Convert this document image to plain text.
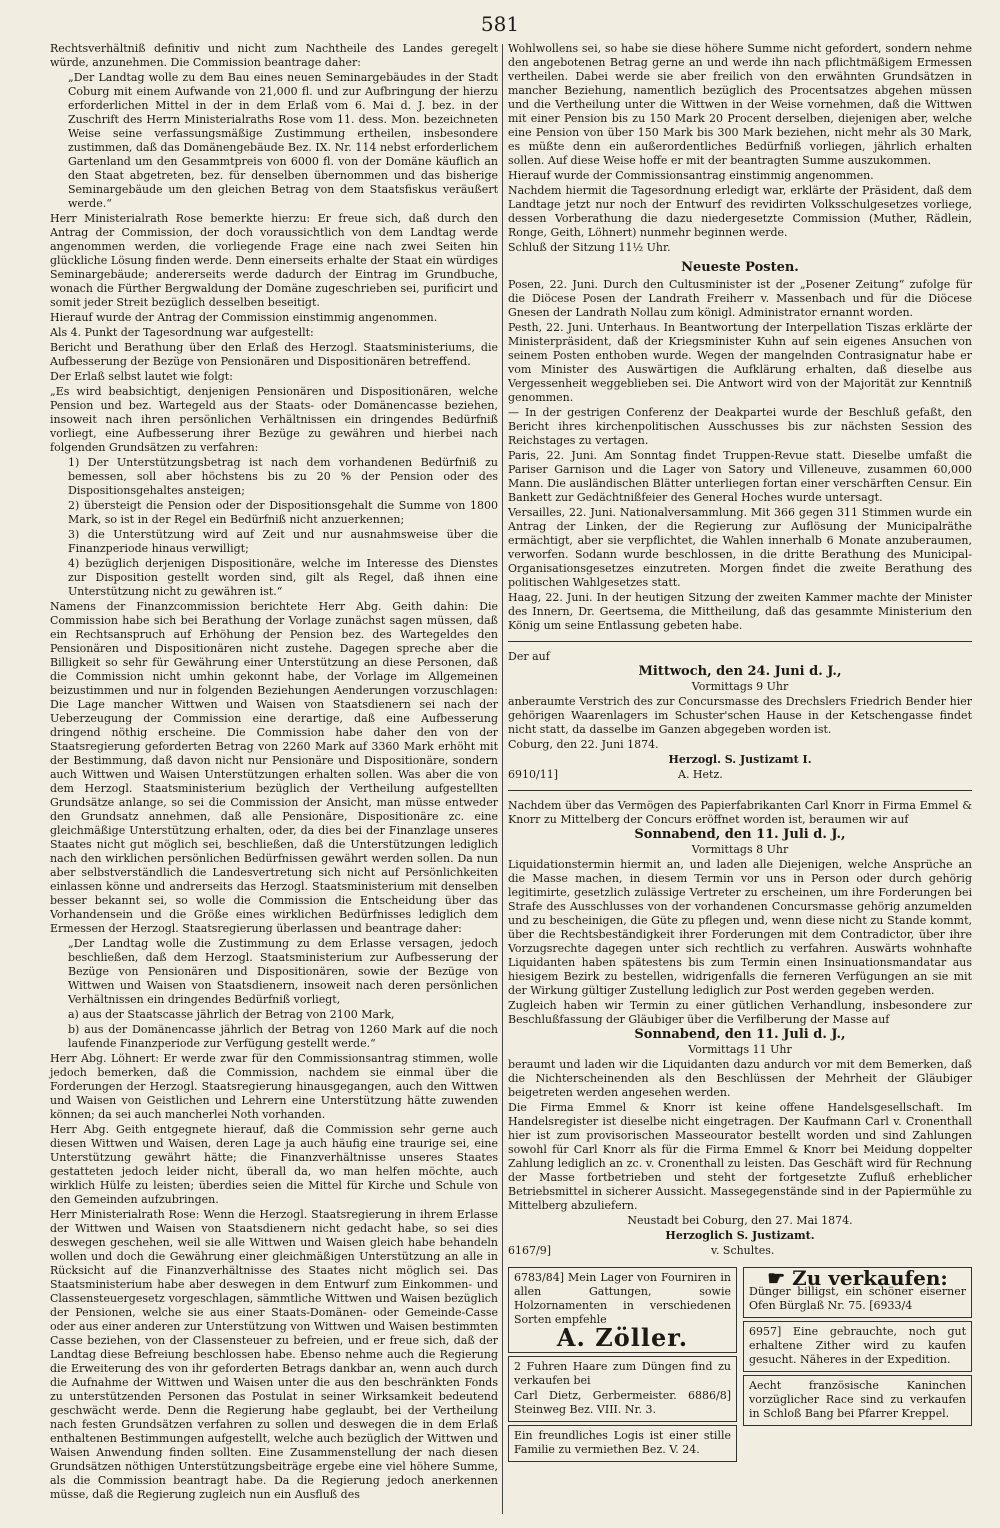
581

Rechtsverhältniß definitiv und nicht zum Nachtheile des Landes geregelt würde, anzunehmen. Die Commission beantrage daher:

„Der Landtag wolle zu dem Bau eines neuen Seminargebäudes in der Stadt Coburg mit einem Aufwande von 21,000 fl. und zur Aufbringung der hierzu erforderlichen Mittel in der in dem Erlaß vom 6. Mai d. J. bez. in der Zuschrift des Herrn Ministerialraths Rose vom 11. dess. Mon. bezeichneten Weise seine verfassungsmäßige Zustimmung ertheilen, insbesondere zustimmen, daß das Domänengebäude Bez. IX. Nr. 114 nebst erforderlichem Gartenland um den Gesammtpreis von 6000 fl. von der Domäne käuflich an den Staat abgetreten, bez. für denselben übernommen und das bisherige Seminargebäude um den gleichen Betrag von dem Staatsfiskus veräußert werde.“

Herr Ministerialrath Rose bemerkte hierzu: Er freue sich, daß durch den Antrag der Commission, der doch voraussichtlich von dem Landtag werde angenommen werden, die vorliegende Frage eine nach zwei Seiten hin glückliche Lösung finden werde. Denn einerseits erhalte der Staat ein würdiges Seminargebäude; andererseits werde dadurch der Eintrag im Grundbuche, wonach die Fürther Bergwaldung der Domäne zugeschrieben sei, purificirt und somit jeder Streit bezüglich desselben beseitigt.

Hierauf wurde der Antrag der Commission einstimmig angenommen.

Als 4. Punkt der Tagesordnung war aufgestellt:

Bericht und Berathung über den Erlaß des Herzogl. Staatsministeriums, die Aufbesserung der Bezüge von Pensionären und Dispositionären betreffend.

Der Erlaß selbst lautet wie folgt:

„Es wird beabsichtigt, denjenigen Pensionären und Dispositionären, welche Pension und bez. Wartegeld aus der Staats- oder Domänencasse beziehen, insoweit nach ihren persönlichen Verhältnissen ein dringendes Bedürfniß vorliegt, eine Aufbesserung ihrer Bezüge zu gewähren und hierbei nach folgenden Grundsätzen zu verfahren:

1) Der Unterstützungsbetrag ist nach dem vorhandenen Bedürfniß zu bemessen, soll aber höchstens bis zu 20 % der Pension oder des Dispositionsgehaltes ansteigen;

2) übersteigt die Pension oder der Dispositionsgehalt die Summe von 1800 Mark, so ist in der Regel ein Bedürfniß nicht anzuerkennen;

3) die Unterstützung wird auf Zeit und nur ausnahmsweise über die Finanzperiode hinaus verwilligt;

4) bezüglich derjenigen Dispositionäre, welche im Interesse des Dienstes zur Disposition gestellt worden sind, gilt als Regel, daß ihnen eine Unterstützung nicht zu gewähren ist.“

Namens der Finanzcommission berichtete Herr Abg. Geith dahin: Die Commission habe sich bei Berathung der Vorlage zunächst sagen müssen, daß ein Rechtsanspruch auf Erhöhung der Pension bez. des Wartegeldes den Pensionären und Dispositionären nicht zustehe. Dagegen spreche aber die Billigkeit so sehr für Gewährung einer Unterstützung an diese Personen, daß die Commission nicht umhin gekonnt habe, der Vorlage im Allgemeinen beizustimmen und nur in folgenden Beziehungen Aenderungen vorzuschlagen: Die Lage mancher Wittwen und Waisen von Staatsdienern sei nach der Ueberzeugung der Commission eine derartige, daß eine Aufbesserung dringend nöthig erscheine. Die Commission habe daher den von der Staatsregierung geforderten Betrag von 2260 Mark auf 3360 Mark erhöht mit der Bestimmung, daß davon nicht nur Pensionäre und Dispositionäre, sondern auch Wittwen und Waisen Unterstützungen erhalten sollen. Was aber die von dem Herzogl. Staatsministerium bezüglich der Vertheilung aufgestellten Grundsätze anlange, so sei die Commission der Ansicht, man müsse entweder den Grundsatz annehmen, daß alle Pensionäre, Dispositionäre zc. eine gleichmäßige Unterstützung erhalten, oder, da dies bei der Finanzlage unseres Staates nicht gut möglich sei, beschließen, daß die Unterstützungen lediglich nach den wirklichen persönlichen Bedürfnissen gewährt werden sollen. Da nun aber selbstverständlich die Landesvertretung sich nicht auf Persönlichkeiten einlassen könne und andrerseits das Herzogl. Staatsministerium mit denselben besser bekannt sei, so wolle die Commission die Entscheidung über das Vorhandensein und die Größe eines wirklichen Bedürfnisses lediglich dem Ermessen der Herzogl. Staatsregierung überlassen und beantrage daher:

„Der Landtag wolle die Zustimmung zu dem Erlasse versagen, jedoch beschließen, daß dem Herzogl. Staatsministerium zur Aufbesserung der Bezüge von Pensionären und Dispositionären, sowie der Bezüge von Wittwen und Waisen von Staatsdienern, insoweit nach deren persönlichen Verhältnissen ein dringendes Bedürfniß vorliegt,

a) aus der Staatscasse jährlich der Betrag von 2100 Mark,

b) aus der Domänencasse jährlich der Betrag von 1260 Mark auf die noch laufende Finanzperiode zur Verfügung gestellt werde.“

Herr Abg. Löhnert: Er werde zwar für den Commissionsantrag stimmen, wolle jedoch bemerken, daß die Commission, nachdem sie einmal über die Forderungen der Herzogl. Staatsregierung hinausgegangen, auch den Wittwen und Waisen von Geistlichen und Lehrern eine Unterstützung hätte zuwenden können; da sei auch mancherlei Noth vorhanden.

Herr Abg. Geith entgegnete hierauf, daß die Commission sehr gerne auch diesen Wittwen und Waisen, deren Lage ja auch häufig eine traurige sei, eine Unterstützung gewährt hätte; die Finanzverhältnisse unseres Staates gestatteten jedoch leider nicht, überall da, wo man helfen möchte, auch wirklich Hülfe zu leisten; überdies seien die Mittel für Kirche und Schule von den Gemeinden aufzubringen.

Herr Ministerialrath Rose: Wenn die Herzogl. Staatsregierung in ihrem Erlasse der Wittwen und Waisen von Staatsdienern nicht gedacht habe, so sei dies deswegen geschehen, weil sie alle Wittwen und Waisen gleich habe behandeln wollen und doch die Gewährung einer gleichmäßigen Unterstützung an alle in Rücksicht auf die Finanzverhältnisse des Staates nicht möglich sei. Das Staatsministerium habe aber deswegen in dem Entwurf zum Einkommen- und Classensteuergesetz vorgeschlagen, sämmtliche Wittwen und Waisen bezüglich der Pensionen, welche sie aus einer Staats-Domänen- oder Gemeinde-Casse oder aus einer anderen zur Unterstützung von Wittwen und Waisen bestimmten Casse beziehen, von der Classensteuer zu befreien, und er freue sich, daß der Landtag diese Befreiung beschlossen habe. Ebenso nehme auch die Regierung die Erweiterung des von ihr geforderten Betrags dankbar an, wenn auch durch die Aufnahme der Wittwen und Waisen unter die aus den beschränkten Fonds zu unterstützenden Personen das Postulat in seiner Wirksamkeit bedeutend geschwächt werde. Denn die Regierung habe geglaubt, bei der Vertheilung nach festen Grundsätzen verfahren zu sollen und deswegen die in dem Erlaß enthaltenen Bestimmungen aufgestellt, welche auch bezüglich der Wittwen und Waisen Anwendung finden sollten. Eine Zusammenstellung der nach diesen Grundsätzen nöthigen Unterstützungsbeiträge ergebe eine viel höhere Summe, als die Commission beantragt habe. Da die Regierung jedoch anerkennen müsse, daß die Regierung zugleich nun ein Ausfluß des

Wohlwollens sei, so habe sie diese höhere Summe nicht gefordert, sondern nehme den angebotenen Betrag gerne an und werde ihn nach pflichtmäßigem Ermessen vertheilen. Dabei werde sie aber freilich von den erwähnten Grundsätzen in mancher Beziehung, namentlich bezüglich des Procentsatzes abgehen müssen und die Vertheilung unter die Wittwen in der Weise vornehmen, daß die Wittwen mit einer Pension bis zu 150 Mark 20 Procent derselben, diejenigen aber, welche eine Pension von über 150 Mark bis 300 Mark beziehen, nicht mehr als 30 Mark, es müßte denn ein außerordentliches Bedürfniß vorliegen, jährlich erhalten sollen. Auf diese Weise hoffe er mit der beantragten Summe auszukommen.

Hierauf wurde der Commissionsantrag einstimmig angenommen.

Nachdem hiermit die Tagesordnung erledigt war, erklärte der Präsident, daß dem Landtage jetzt nur noch der Entwurf des revidirten Volksschulgesetzes vorliege, dessen Vorberathung die dazu niedergesetzte Commission (Muther, Rädlein, Ronge, Geith, Löhnert) nunmehr beginnen werde.

Schluß der Sitzung 11½ Uhr.

Neueste Posten.

Posen, 22. Juni. Durch den Cultusminister ist der „Posener Zeitung“ zufolge für die Diöcese Posen der Landrath Freiherr v. Massenbach und für die Diöcese Gnesen der Landrath Nollau zum königl. Administrator ernannt worden.

Pesth, 22. Juni. Unterhaus. In Beantwortung der Interpellation Tiszas erklärte der Ministerpräsident, daß der Kriegsminister Kuhn auf sein eigenes Ansuchen von seinem Posten enthoben wurde. Wegen der mangelnden Contrasignatur habe er vom Minister des Auswärtigen die Aufklärung erhalten, daß dieselbe aus Vergessenheit weggeblieben sei. Die Antwort wird von der Majorität zur Kenntniß genommen.

— In der gestrigen Conferenz der Deakpartei wurde der Beschluß gefaßt, den Bericht ihres kirchenpolitischen Ausschusses bis zur nächsten Session des Reichstages zu vertagen.

Paris, 22. Juni. Am Sonntag findet Truppen-Revue statt. Dieselbe umfaßt die Pariser Garnison und die Lager von Satory und Villeneuve, zusammen 60,000 Mann. Die ausländischen Blätter unterliegen fortan einer verschärften Censur. Ein Bankett zur Gedächtnißfeier des General Hoches wurde untersagt.

Versailles, 22. Juni. Nationalversammlung. Mit 366 gegen 311 Stimmen wurde ein Antrag der Linken, der die Regierung zur Auflösung der Municipalräthe ermächtigt, aber sie verpflichtet, die Wahlen innerhalb 6 Monate anzuberaumen, verworfen. Sodann wurde beschlossen, in die dritte Berathung des Municipal-Organisationsgesetzes einzutreten. Morgen findet die zweite Berathung des politischen Wahlgesetzes statt.

Haag, 22. Juni. In der heutigen Sitzung der zweiten Kammer machte der Minister des Innern, Dr. Geertsema, die Mittheilung, daß das gesammte Ministerium den König um seine Entlassung gebeten habe.

Der auf

Mittwoch, den 24. Juni d. J.,

Vormittags 9 Uhr

anberaumte Verstrich des zur Concursmasse des Drechslers Friedrich Bender hier gehörigen Waarenlagers im Schuster'schen Hause in der Ketschengasse findet nicht statt, da dasselbe im Ganzen abgegeben worden ist.

Coburg, den 22. Juni 1874.

Herzogl. S. Justizamt I.

6910/11]	A. Hetz.

Nachdem über das Vermögen des Papierfabrikanten Carl Knorr in Firma Emmel & Knorr zu Mittelberg der Concurs eröffnet worden ist, beraumen wir auf

Sonnabend, den 11. Juli d. J.,

Vormittags 8 Uhr

Liquidationstermin hiermit an, und laden alle Diejenigen, welche Ansprüche an die Masse machen, in diesem Termin vor uns in Person oder durch gehörig legitimirte, gesetzlich zulässige Vertreter zu erscheinen, um ihre Forderungen bei Strafe des Ausschlusses von der vorhandenen Concursmasse gehörig anzumelden und zu bescheinigen, die Güte zu pflegen und, wenn diese nicht zu Stande kommt, über die Rechtsbeständigkeit ihrer Forderungen mit dem Contradictor, über ihre Vorzugsrechte dagegen unter sich rechtlich zu verfahren. Auswärts wohnhafte Liquidanten haben spätestens bis zum Termin einen Insinuationsmandatar aus hiesigem Bezirk zu bestellen, widrigenfalls die ferneren Verfügungen an sie mit der Wirkung gültiger Zustellung lediglich zur Post werden gegeben werden.

Zugleich haben wir Termin zu einer gütlichen Verhandlung, insbesondere zur Beschlußfassung der Gläubiger über die Verfilberung der Masse auf

Sonnabend, den 11. Juli d. J.,

Vormittags 11 Uhr

beraumt und laden wir die Liquidanten dazu andurch vor mit dem Bemerken, daß die Nichterscheinenden als den Beschlüssen der Mehrheit der Gläubiger beigetreten werden angesehen werden.

Die Firma Emmel & Knorr ist keine offene Handelsgesellschaft. Im Handelsregister ist dieselbe nicht eingetragen. Der Kaufmann Carl v. Cronenthall hier ist zum provisorischen Masseourator bestellt worden und sind Zahlungen sowohl für Carl Knorr als für die Firma Emmel & Knorr bei Meidung doppelter Zahlung lediglich an zc. v. Cronenthall zu leisten. Das Geschäft wird für Rechnung der Masse fortbetrieben und steht der fortgesetzte Zufluß erheblicher Betriebsmittel in sicherer Aussicht. Massegegenstände sind in der Papiermühle zu Mittelberg abzuliefern.

Neustadt bei Coburg, den 27. Mai 1874.

Herzoglich S. Justizamt.

6167/9]	v. Schultes.

6783/84] Mein Lager von Fourniren in allen Gattungen, sowie Holzornamenten in verschiedenen Sorten empfehle

A. Zöller.

2 Fuhren Haare zum Düngen find zu verkaufen bei

Carl Dietz, Gerbermeister. 6886/8] Steinweg Bez. VIII. Nr. 3.

Ein freundliches Logis ist einer stille Familie zu vermiethen Bez. V. 24.

☛ Zu verkaufen:

Dünger billigst, ein schöner eiserner Ofen Bürglaß Nr. 75. [6933/4

6957] Eine gebrauchte, noch gut erhaltene Zither wird zu kaufen gesucht. Näheres in der Expedition.

Aecht französische Kaninchen vorzüglicher Race sind zu verkaufen in Schloß Bang bei Pfarrer Kreppel.
